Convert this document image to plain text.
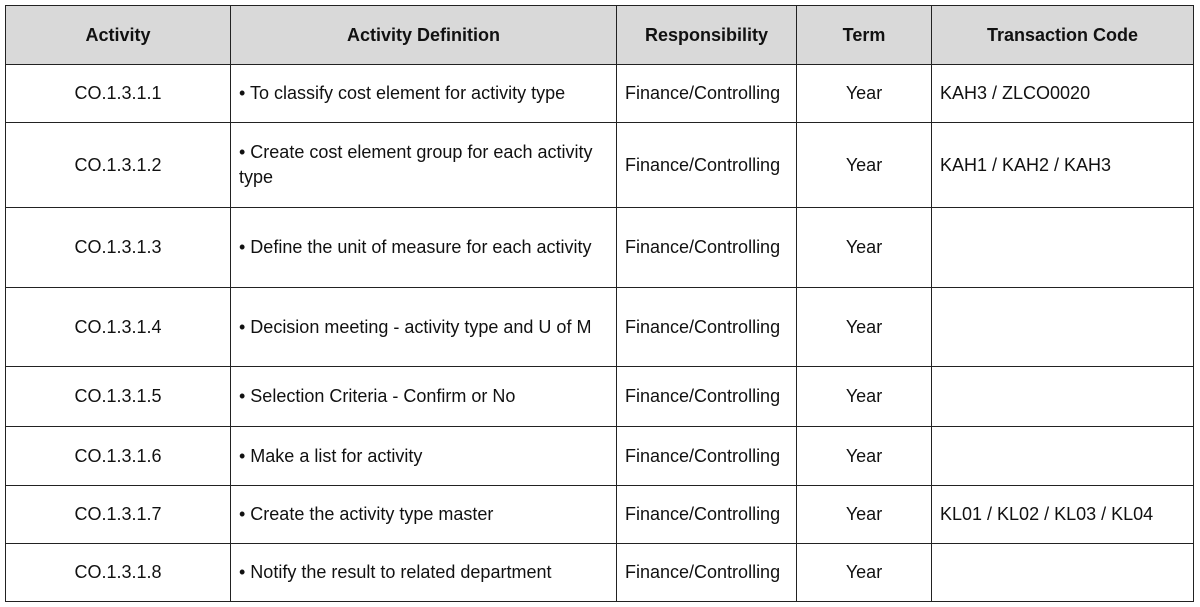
Activity	Activity Definition	Responsibility	Term	Transaction Code
CO.1.3.1.1	• To classify cost element for activity type	Finance/Controlling	Year	KAH3 / ZLCO0020
CO.1.3.1.2	• Create cost element group for each activity type	Finance/Controlling	Year	KAH1 / KAH2 / KAH3
CO.1.3.1.3	• Define the unit of measure for each activity	Finance/Controlling	Year	
CO.1.3.1.4	• Decision meeting - activity type and U of M	Finance/Controlling	Year	
CO.1.3.1.5	• Selection Criteria - Confirm or No	Finance/Controlling	Year	
CO.1.3.1.6	• Make a list for activity	Finance/Controlling	Year	
CO.1.3.1.7	• Create the activity type master	Finance/Controlling	Year	KL01 / KL02 / KL03 / KL04
CO.1.3.1.8	• Notify the result to related department	Finance/Controlling	Year	
